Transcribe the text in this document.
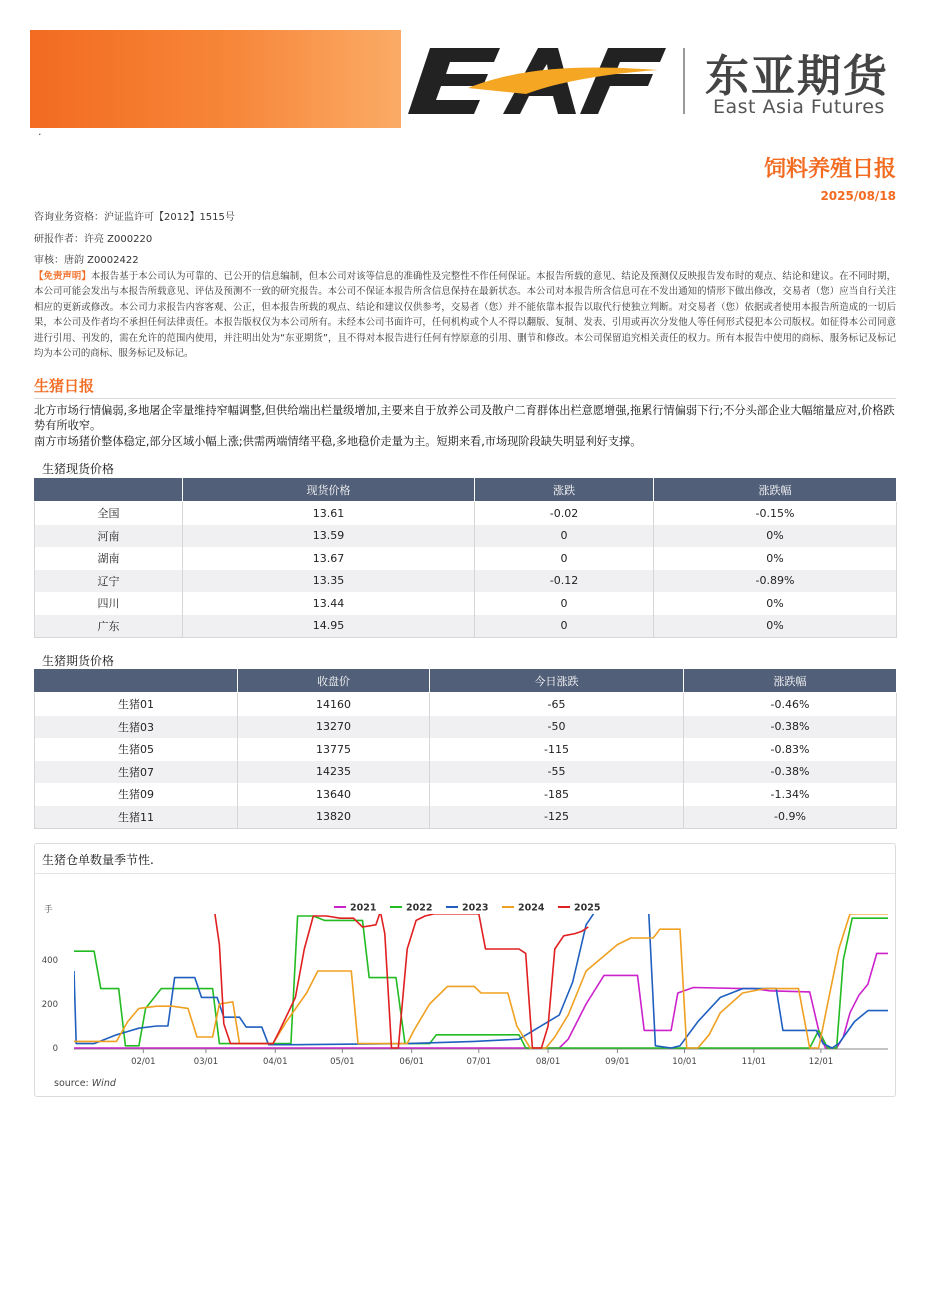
东亚期货
East Asia Futures
·
饲料养殖日报
2025/08/18
咨询业务资格：沪证监许可【2012】1515号
研报作者：许亮 Z000220
审核：唐韵 Z0002422
【免责声明】本报告基于本公司认为可靠的、已公开的信息编制，但本公司对该等信息的准确性及完整性不作任何保证。本报告所载的意见、结论及预测仅反映报告发布时的观点、结论和建议。在不同时期，本公司可能会发出与本报告所载意见、评估及预测不一致的研究报告。本公司不保证本报告所含信息保持在最新状态。本公司对本报告所含信息可在不发出通知的情形下做出修改，交易者（您）应当自行关注相应的更新或修改。本公司力求报告内容客观、公正，但本报告所载的观点、结论和建议仅供参考，交易者（您）并不能依靠本报告以取代行使独立判断。对交易者（您）依据或者使用本报告所造成的一切后果，本公司及作者均不承担任何法律责任。本报告版权仅为本公司所有。未经本公司书面许可，任何机构或个人不得以翻版、复制、发表、引用或再次分发他人等任何形式侵犯本公司版权。如征得本公司同意进行引用、刊发的，需在允许的范围内使用，并注明出处为“东亚期货”，且不得对本报告进行任何有悖原意的引用、删节和修改。本公司保留追究相关责任的权力。所有本报告中使用的商标、服务标记及标记均为本公司的商标、服务标记及标记。
生猪日报
北方市场行情偏弱,多地屠企宰量维持窄幅调整,但供给端出栏量级增加,主要来自于放养公司及散户二育群体出栏意愿增强,拖累行情偏弱下行;不分头部企业大幅缩量应对,价格跌势有所收窄。
南方市场猪价整体稳定,部分区域小幅上涨;供需两端情绪平稳,多地稳价走量为主。短期来看,市场现阶段缺失明显利好支撑。
生猪现货价格
	现货价格	涨跌	涨跌幅
全国	13.61	-0.02	-0.15%
河南	13.59	0	0%
湖南	13.67	0	0%
辽宁	13.35	-0.12	-0.89%
四川	13.44	0	0%
广东	14.95	0	0%
生猪期货价格
	收盘价	今日涨跌	涨跌幅
生猪01	14160	-65	-0.46%
生猪03	13270	-50	-0.38%
生猪05	13775	-115	-0.83%
生猪07	14235	-55	-0.38%
生猪09	13640	-185	-1.34%
生猪11	13820	-125	-0.9%
生猪仓单数量季节性.
02/01	03/01	04/01	05/01	06/01	07/01	08/01	09/01	10/01	11/01	12/01
0
200
400
手	2021	2022	2023	2024	2025
source: Wind
